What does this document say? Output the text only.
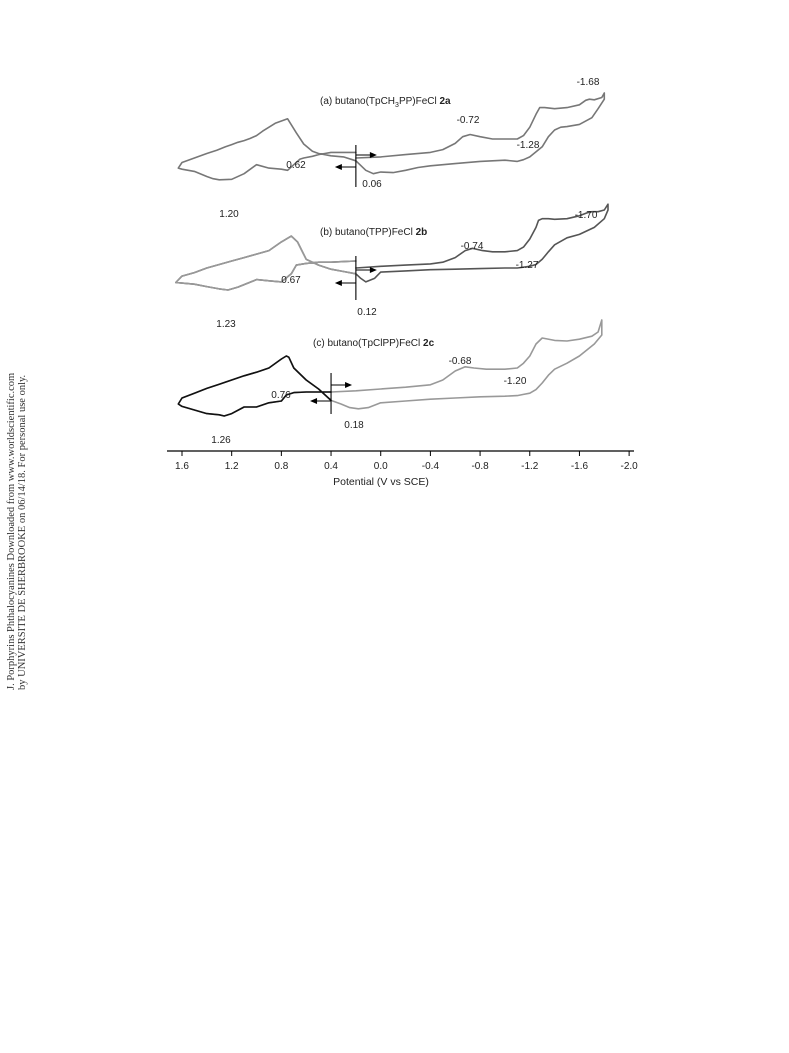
(a) butano(TpCH$_3$PP)FeCl 2a
1.20
0.62
0.06
-0.72
-1.28
-1.68
(b) butano(TPP)FeCl 2b
1.23
0.67
0.12
-0.74
-1.27
-1.70
(c) butano(TpClPP)FeCl 2c
1.26
0.76
0.18
-0.68
-1.20
1.6	1.2	0.8	0.4	0.0	-0.4	-0.8	-1.2	-1.6	-2.0
Potential (V vs SCE)
J. Porphyrins Phthalocyanines Downloaded from www.worldscientific.com by UNIVERSITE DE SHERBROOKE on 06/14/18. For personal use only.
